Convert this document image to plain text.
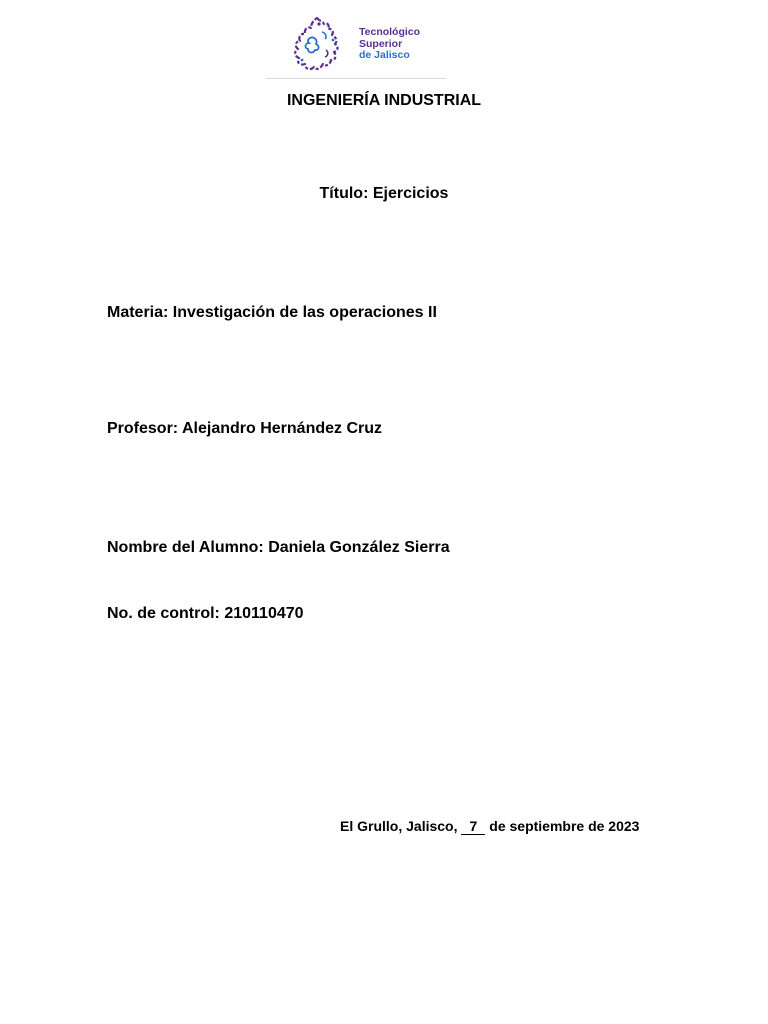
Tecnológico
Superior
de Jalisco
INGENIERÍA INDUSTRIAL
Título: Ejercicios
Materia: Investigación de las operaciones II
Profesor: Alejandro Hernández Cruz
Nombre del Alumno: Daniela González Sierra
No. de control: 210110470
El Grullo, Jalisco, 7 de septiembre de 2023
